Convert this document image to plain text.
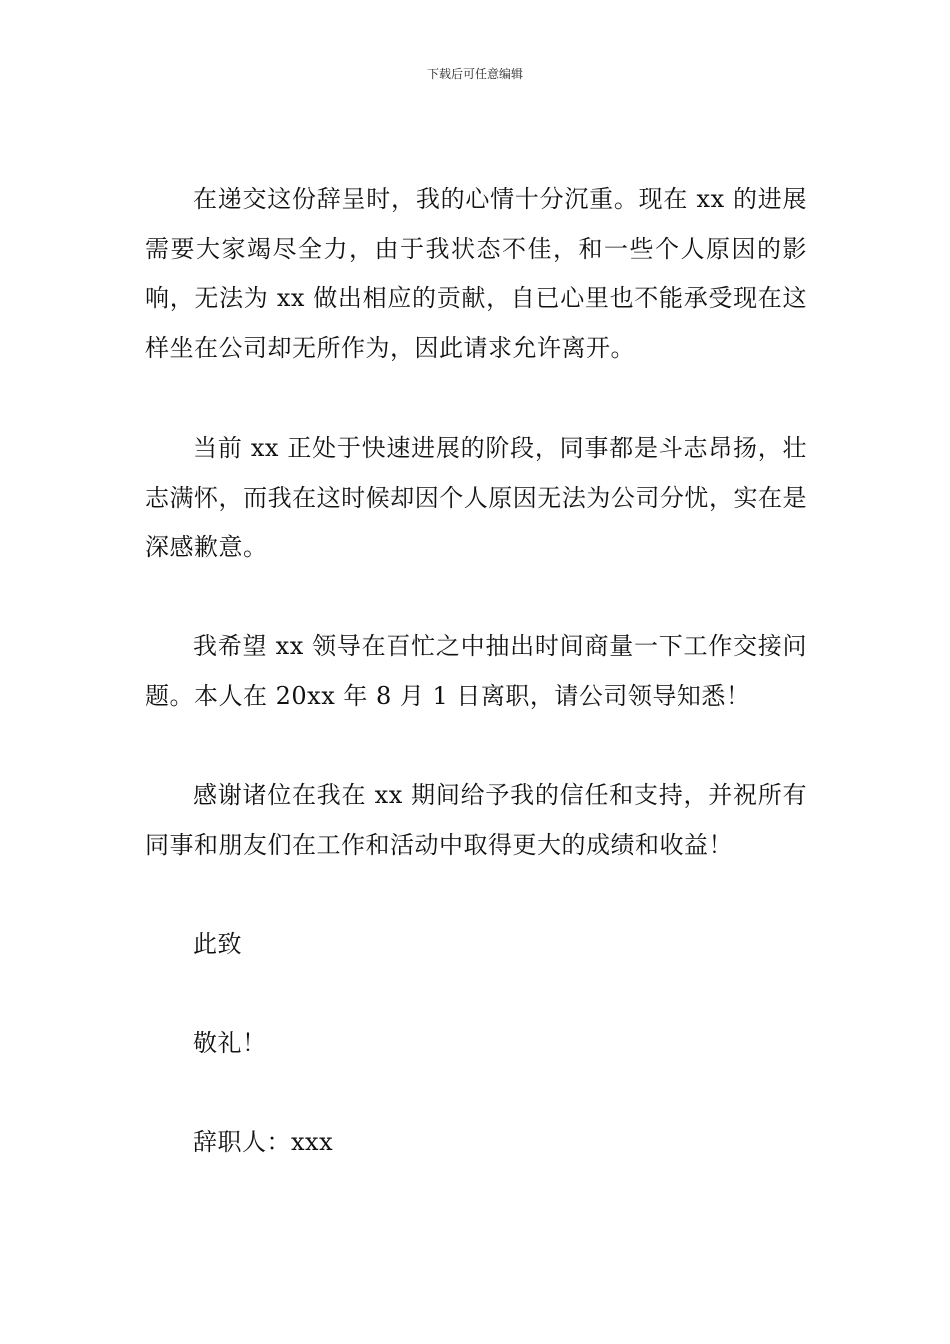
下载后可任意编辑

在递交这份辞呈时，我的心情十分沉重。现在 xx 的进展需要大家竭尽全力，由于我状态不佳，和一些个人原因的影响，无法为 xx 做出相应的贡献，自已心里也不能承受现在这样坐在公司却无所作为，因此请求允许离开。

当前 xx 正处于快速进展的阶段，同事都是斗志昂扬，壮志满怀，而我在这时候却因个人原因无法为公司分忧，实在是深感歉意。

我希望 xx 领导在百忙之中抽出时间商量一下工作交接问题。本人在 20xx 年 8 月 1 日离职，请公司领导知悉！

感谢诸位在我在 xx 期间给予我的信任和支持，并祝所有同事和朋友们在工作和活动中取得更大的成绩和收益！

此致

敬礼！

辞职人：xxx
